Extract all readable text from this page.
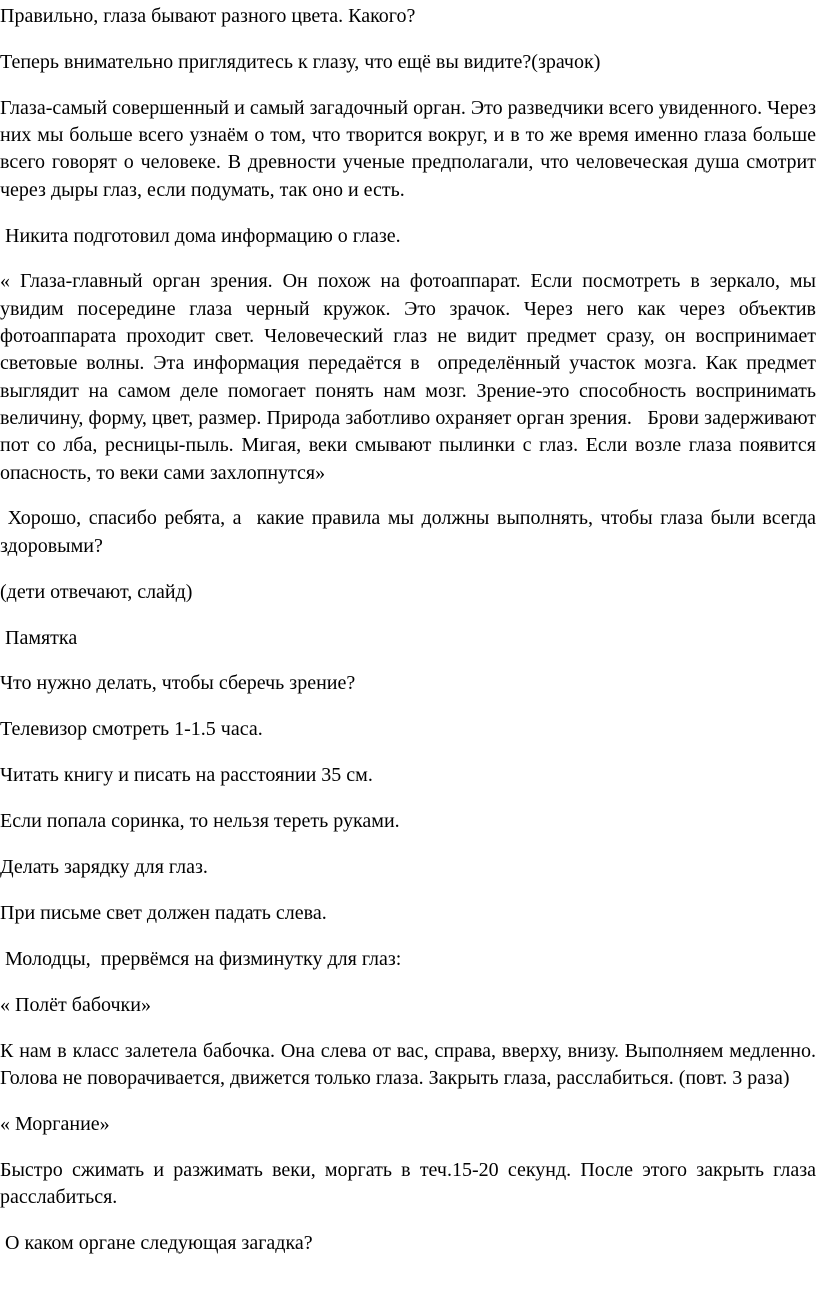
Правильно, глаза бывают разного цвета. Какого?

Теперь внимательно приглядитесь к глазу, что ещё вы видите?(зрачок)

Глаза-самый совершенный и самый загадочный орган. Это разведчики всего увиденного. Через них мы больше всего узнаём о том, что творится вокруг, и в то же время именно глаза больше всего говорят о человеке. В древности ученые предполагали, что человеческая душа смотрит через дыры глаз, если подумать, так оно и есть.

Никита подготовил дома информацию о глазе.

« Глаза-главный орган зрения. Он похож на фотоаппарат. Если посмотреть в зеркало, мы увидим посередине глаза черный кружок. Это зрачок. Через него как через объектив фотоаппарата проходит свет. Человеческий глаз не видит предмет сразу, он воспринимает световые волны. Эта информация передаётся в  определённый участок мозга. Как предмет выглядит на самом деле помогает понять нам мозг. Зрение-это способность воспринимать величину, форму, цвет, размер. Природа заботливо охраняет орган зрения.   Брови задерживают пот со лба, ресницы-пыль. Мигая, веки смывают пылинки с глаз. Если возле глаза появится опасность, то веки сами захлопнутся»

Хорошо, спасибо ребята, а  какие правила мы должны выполнять, чтобы глаза были всегда здоровыми?

(дети отвечают, слайд)

Памятка

Что нужно делать, чтобы сберечь зрение?

Телевизор смотреть 1-1.5 часа.

Читать книгу и писать на расстоянии 35 см.

Если попала соринка, то нельзя тереть руками.

Делать зарядку для глаз.

При письме свет должен падать слева.

Молодцы,  прервёмся на физминутку для глаз:

« Полёт бабочки»

К нам в класс залетела бабочка. Она слева от вас, справа, вверху, внизу. Выполняем медленно. Голова не поворачивается, движется только глаза. Закрыть глаза, расслабиться. (повт. 3 раза)

« Моргание»

Быстро сжимать и разжимать веки, моргать в теч.15-20 секунд. После этого закрыть глаза расслабиться.

О каком органе следующая загадка?
